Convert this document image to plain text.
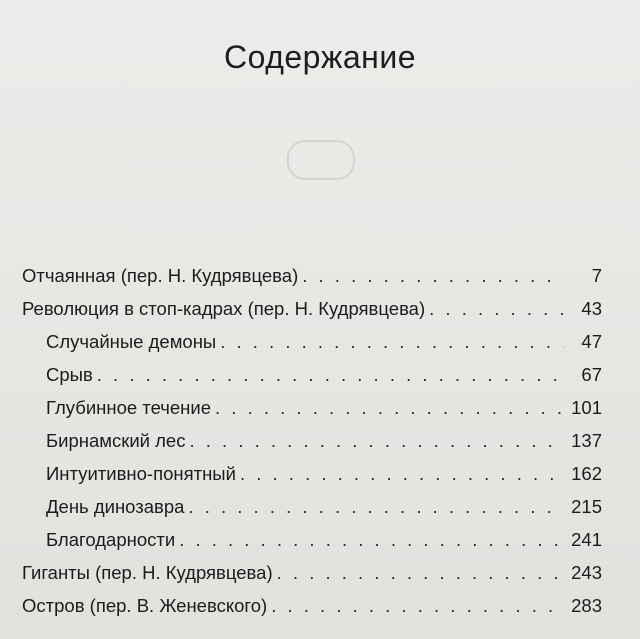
Содержание
Отчаянная (пер. Н. Кудрявцева) . . .	7
Революция в стоп-кадрах (пер. Н. Кудрявцева) . . .	43
Случайные демоны . . .	47
Срыв . . .	67
Глубинное течение . . .	101
Бирнамский лес . . .	137
Интуитивно-понятный . . .	162
День динозавра . . .	215
Благодарности . . .	241
Гиганты (пер. Н. Кудрявцева) . . .	243
Остров (пер. В. Женевского) . . .	283
